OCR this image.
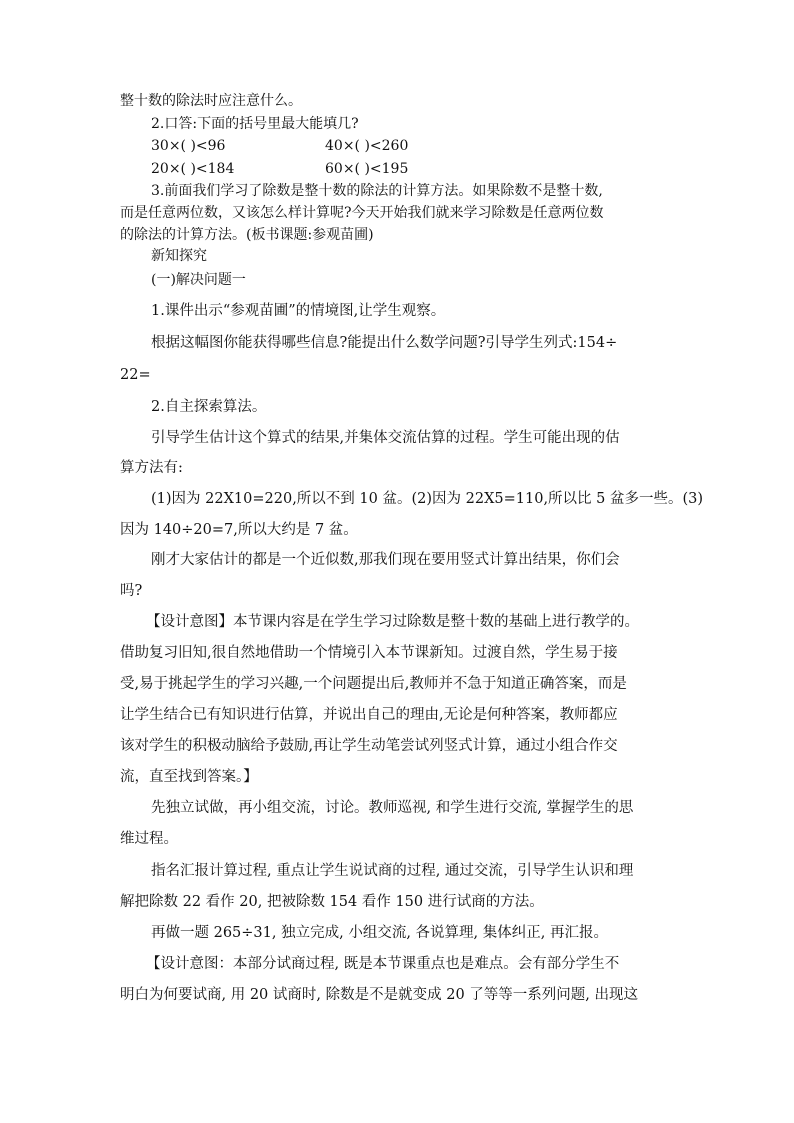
整十数的除法时应注意什么。
2.口答:下面的括号里最大能填几?
30×( )<96	40×( )<260
20×( )<184	60×( )<195
3.前面我们学习了除数是整十数的除法的计算方法。如果除数不是整十数,
而是任意两位数，又该怎么样计算呢?今天开始我们就来学习除数是任意两位数
的除法的计算方法。(板书课题:参观苗圃)
新知探究
(一)解决问题一
1.课件出示“参观苗圃”的情境图,让学生观察。
根据这幅图你能获得哪些信息?能提出什么数学问题?引导学生列式:154÷
22=
2.自主探索算法。
引导学生估计这个算式的结果,并集体交流估算的过程。学生可能出现的估
算方法有:
(1)因为 22X10=220,所以不到 10 盆。(2)因为 22X5=110,所以比 5 盆多一些。(3)
因为 140÷20=7,所以大约是 7 盆。
刚才大家估计的都是一个近似数,那我们现在要用竖式计算出结果，你们会
吗?
【设计意图】本节课内容是在学生学习过除数是整十数的基础上进行教学的。
借助复习旧知,很自然地借助一个情境引入本节课新知。过渡自然，学生易于接
受,易于挑起学生的学习兴趣,一个问题提出后,教师并不急于知道正确答案，而是
让学生结合已有知识进行估算，并说出自己的理由,无论是何种答案，教师都应
该对学生的积极动脑给予鼓励,再让学生动笔尝试列竖式计算，通过小组合作交
流，直至找到答案。】
先独立试做，再小组交流，讨论。教师巡视, 和学生进行交流, 掌握学生的思
维过程。
指名汇报计算过程, 重点让学生说试商的过程, 通过交流，引导学生认识和理
解把除数 22 看作 20, 把被除数 154 看作 150 进行试商的方法。
再做一题 265÷31, 独立完成, 小组交流, 各说算理, 集体纠正, 再汇报。
【设计意图：本部分试商过程, 既是本节课重点也是难点。会有部分学生不
明白为何要试商, 用 20 试商时, 除数是不是就变成 20 了等等一系列问题, 出现这
